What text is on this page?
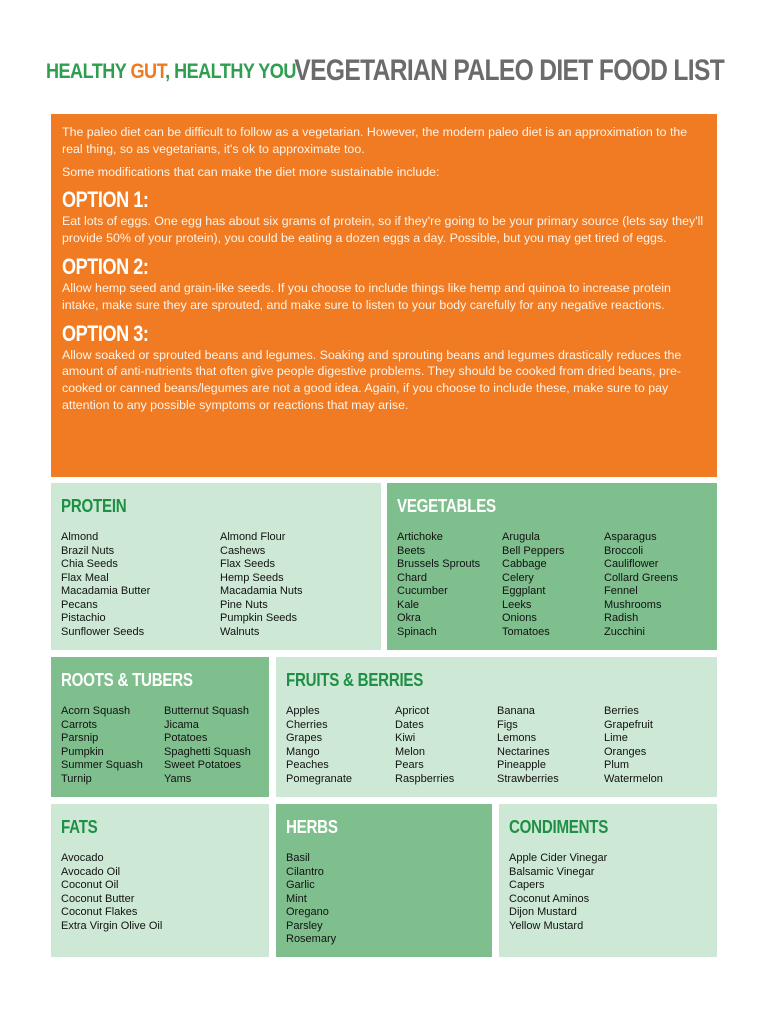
HEALTHY GUT, HEALTHY YOU
VEGETARIAN PALEO DIET FOOD LIST

The paleo diet can be difficult to follow as a vegetarian. However, the modern paleo diet is an approximation to the real thing, so as vegetarians, it's ok to approximate too.

Some modifications that can make the diet more sustainable include:

OPTION 1:

Eat lots of eggs. One egg has about six grams of protein, so if they're going to be your primary source (lets say they'll provide 50% of your protein), you could be eating a dozen eggs a day. Possible, but you may get tired of eggs.

OPTION 2:

Allow hemp seed and grain-like seeds. If you choose to include things like hemp and quinoa to increase protein intake, make sure they are sprouted, and make sure to listen to your body carefully for any negative reactions.

OPTION 3:

Allow soaked or sprouted beans and legumes. Soaking and sprouting beans and legumes drastically reduces the amount of anti-nutrients that often give people digestive problems. They should be cooked from dried beans, pre-cooked or canned beans/legumes are not a good idea. Again, if you choose to include these, make sure to pay attention to any possible symptoms or reactions that may arise.

PROTEIN
Almond
Brazil Nuts
Chia Seeds
Flax Meal
Macadamia Butter
Pecans
Pistachio
Sunflower Seeds
Almond Flour
Cashews
Flax Seeds
Hemp Seeds
Macadamia Nuts
Pine Nuts
Pumpkin Seeds
Walnuts
VEGETABLES
Artichoke
Beets
Brussels Sprouts
Chard
Cucumber
Kale
Okra
Spinach
Arugula
Bell Peppers
Cabbage
Celery
Eggplant
Leeks
Onions
Tomatoes
Asparagus
Broccoli
Cauliflower
Collard Greens
Fennel
Mushrooms
Radish
Zucchini
ROOTS & TUBERS
Acorn Squash
Carrots
Parsnip
Pumpkin
Summer Squash
Turnip
Butternut Squash
Jicama
Potatoes
Spaghetti Squash
Sweet Potatoes
Yams
FRUITS & BERRIES
Apples
Cherries
Grapes
Mango
Peaches
Pomegranate
Apricot
Dates
Kiwi
Melon
Pears
Raspberries
Banana
Figs
Lemons
Nectarines
Pineapple
Strawberries
Berries
Grapefruit
Lime
Oranges
Plum
Watermelon
FATS
Avocado
Avocado Oil
Coconut Oil
Coconut Butter
Coconut Flakes
Extra Virgin Olive Oil
HERBS
Basil
Cilantro
Garlic
Mint
Oregano
Parsley
Rosemary
CONDIMENTS
Apple Cider Vinegar
Balsamic Vinegar
Capers
Coconut Aminos
Dijon Mustard
Yellow Mustard
